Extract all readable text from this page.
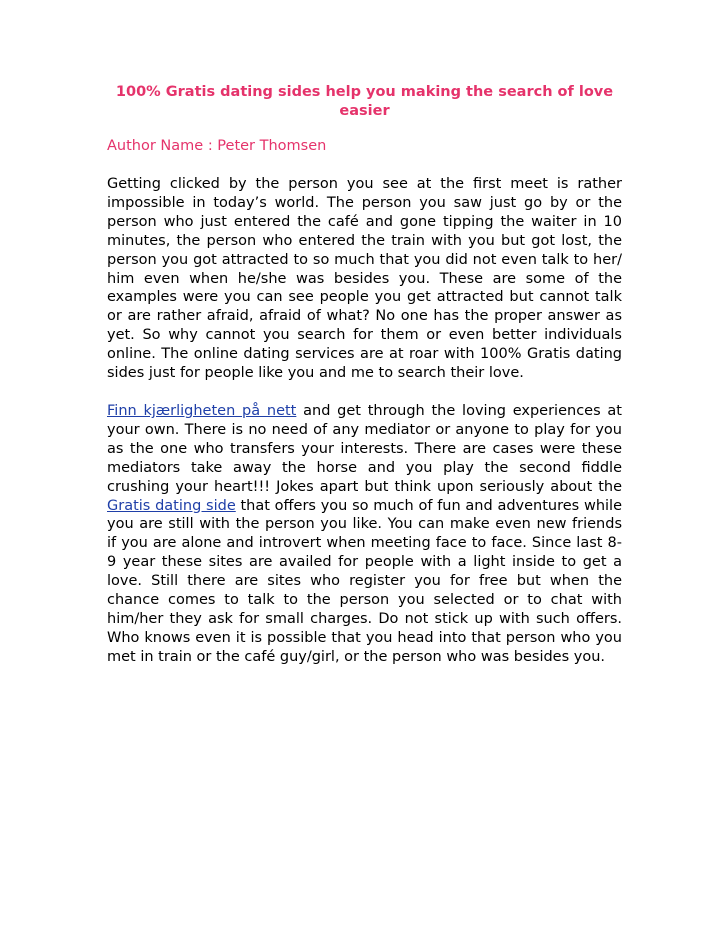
100% Gratis dating sides help you making the search of love easier
Author Name : Peter Thomsen

Getting clicked by the person you see at the first meet is rather impossible in today’s world. The person you saw just go by or the person who just entered the café and gone tipping the waiter in 10 minutes, the person who entered the train with you but got lost, the person you got attracted to so much that you did not even talk to her/ him even when he/she was besides you. These are some of the examples were you can see people you get attracted but cannot talk or are rather afraid, afraid of what? No one has the proper answer as yet. So why cannot you search for them or even better individuals online. The online dating services are at roar with 100% Gratis dating sides just for people like you and me to search their love.

Finn kjærligheten på nett and get through the loving experiences at your own. There is no need of any mediator or anyone to play for you as the one who transfers your interests. There are cases were these mediators take away the horse and you play the second fiddle crushing your heart!!! Jokes apart but think upon seriously about the Gratis dating side that offers you so much of fun and adventures while you are still with the person you like. You can make even new friends if you are alone and introvert when meeting face to face. Since last 8-9 year these sites are availed for people with a light inside to get a love. Still there are sites who register you for free but when the chance comes to talk to the person you selected or to chat with him/her they ask for small charges. Do not stick up with such offers. Who knows even it is possible that you head into that person who you met in train or the café guy/girl, or the person who was besides you.
